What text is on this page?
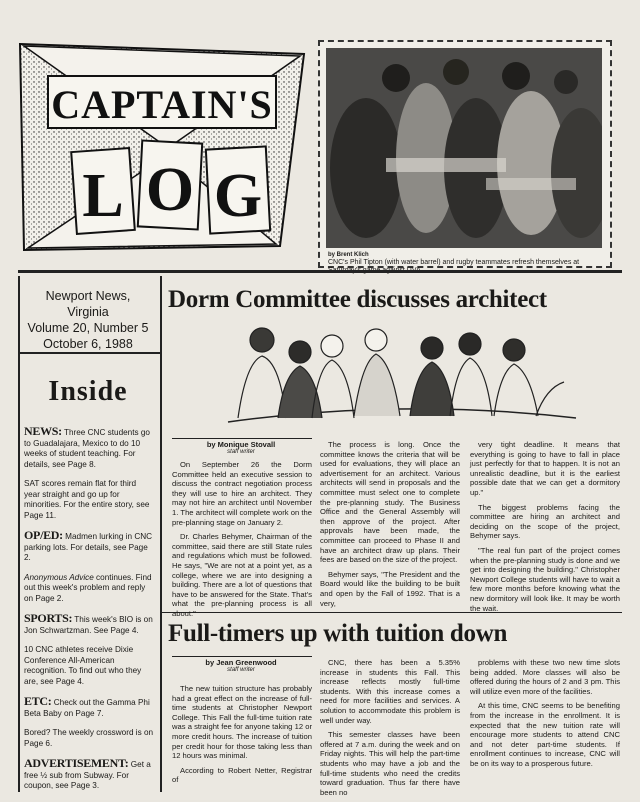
CAPTAIN'S
L O G
by Brent Klich
CNC's Phil Tipton (with water barrel) and rugby teammates refresh themselves at
Newport News, Virginia
Volume 20, Number 5
October 6, 1988
Inside

NEWS: Three CNC students go to Guadalajara, Mexico to do 10 weeks of student teaching. For details, see Page 8.

SAT scores remain flat for third year straight and go up for minorities. For the entire story, see Page 11.

OP/ED: Madmen lurking in CNC parking lots. For details, see Page 2.

Anonymous Advice continues. Find out this week's problem and reply on Page 2.

SPORTS: This week's BIO is on Jon Schwartzman. See Page 4.

10 CNC athletes receive Dixie Conference All-American recognition. To find out who they are, see Page 4.

ETC: Check out the Gamma Phi Beta Baby on Page 7.

Bored? The weekly crossword is on Page 6.

ADVERTISEMENT: Get a free ½ sub from Subway. For coupon, see Page 3.

Dorm Committee discusses architect
by Monique Stovall
staff writer

On September 26 the Dorm Committee held an executive session to discuss the contract negotiation process they will use to hire an architect. They may not hire an architect until November 1. The architect will complete work on the pre-planning stage on January 2.

Dr. Charles Behymer, Chairman of the committee, said there are still State rules and regulations which must be followed. He says, "We are not at a point yet, as a college, where we are into designing a building. There are a lot of questions that have to be answered for the State. That's what the pre-planning process is all about."

The process is long. Once the committee knows the criteria that will be used for evaluations, they will place an advertisement for an architect. Various architects will send in proposals and the committee must select one to complete the pre-planning study. The Business Office and the General Assembly will then approve of the project. After approvals have been made, the committee can proceed to Phase II and have an architect draw up plans. Their fees are based on the size of the project.

Behymer says, "The President and the Board would like the building to be built and open by the Fall of 1992. That is a very,

very tight deadline. It means that everything is going to have to fall in place just perfectly for that to happen. It is not an unrealistic deadline, but it is the earliest possible date that we can get a dormitory up."

The biggest problems facing the committee are hiring an architect and deciding on the scope of the project, Behymer says.

"The real fun part of the project comes when the pre-planning study is done and we get into designing the building." Christopher Newport College students will have to wait a few more months before knowing what the new dormitory will look like. It may be worth the wait.

Full-timers up with tuition down
by Jean Greenwood
staff writer

The new tuition structure has probably had a great effect on the increase of full-time students at Christopher Newport College. This Fall the full-time tuition rate was a straight fee for anyone taking 12 or more credit hours. The increase of tuition per credit hour for those taking less than 12 hours was minimal.

According to Robert Netter, Registrar of

CNC, there has been a 5.35% increase in students this Fall. This increase reflects mostly full-time students. With this increase comes a need for more facilities and services. A solution to accommodate this problem is well under way.

This semester classes have been offered at 7 a.m. during the week and on Friday nights. This will help the part-time students who may have a job and the full-time students who need the credits toward graduation. Thus far there have been no

problems with these two new time slots being added. More classes will also be offered during the hours of 2 and 3 pm. This will utilize even more of the facilities.

At this time, CNC seems to be benefiting from the increase in the enrollment. It is expected that the new tuition rate will encourage more students to attend CNC and not deter part-time students. If enrollment continues to increase, CNC will be on its way to a prosperous future.
